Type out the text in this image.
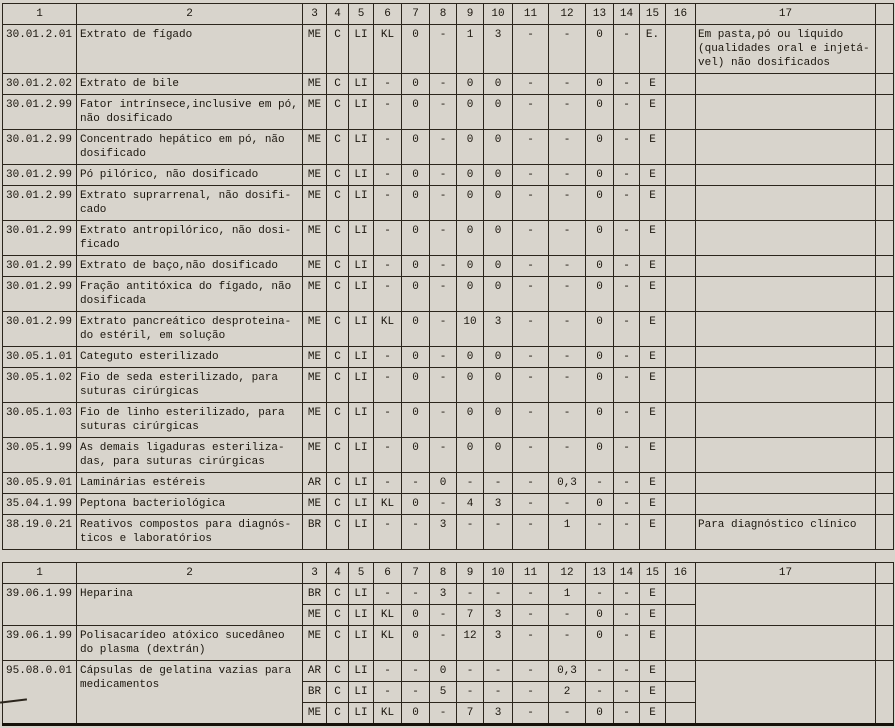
1	2	3	4	5	6	7	8	9	10	11	12	13	14	15	16	17	
30.01.2.01	Extrato de fígado	ME	C	LI	KL	0	-	1	3	-	-	0	-	E.		Em pasta,pó ou líquido (qualidades oral e injetá-vel) não dosificados	
30.01.2.02	Extrato de bile	ME	C	LI	-	0	-	0	0	-	-	0	-	E			
30.01.2.99	Fator intrínsece,inclusive em pó, não dosificado	ME	C	LI	-	0	-	0	0	-	-	0	-	E			
30.01.2.99	Concentrado hepático em pó, não dosificado	ME	C	LI	-	0	-	0	0	-	-	0	-	E			
30.01.2.99	Pó pilórico, não dosificado	ME	C	LI	-	0	-	0	0	-	-	0	-	E			
30.01.2.99	Extrato suprarrenal, não dosifi-cado	ME	C	LI	-	0	-	0	0	-	-	0	-	E			
30.01.2.99	Extrato antropilórico, não dosi-ficado	ME	C	LI	-	0	-	0	0	-	-	0	-	E			
30.01.2.99	Extrato de baço,não dosificado	ME	C	LI	-	0	-	0	0	-	-	0	-	E			
30.01.2.99	Fração antitóxica do fígado, não dosificada	ME	C	LI	-	0	-	0	0	-	-	0	-	E			
30.01.2.99	Extrato pancreático desproteina-do estéril, em solução	ME	C	LI	KL	0	-	10	3	-	-	0	-	E			
30.05.1.01	Categuto esterilizado	ME	C	LI	-	0	-	0	0	-	-	0	-	E			
30.05.1.02	Fio de seda esterilizado, para suturas cirúrgicas	ME	C	LI	-	0	-	0	0	-	-	0	-	E			
30.05.1.03	Fio de linho esterilizado, para suturas cirúrgicas	ME	C	LI	-	0	-	0	0	-	-	0	-	E			
30.05.1.99	As demais ligaduras esteriliza-das, para suturas cirúrgicas	ME	C	LI	-	0	-	0	0	-	-	0	-	E			
30.05.9.01	Laminárias estéreis	AR	C	LI	-	-	0	-	-	-	0,3	-	-	E			
35.04.1.99	Peptona bacteriológica	ME	C	LI	KL	0	-	4	3	-	-	0	-	E			
38.19.0.21	Reativos compostos para diagnós-ticos e laboratórios	BR	C	LI	-	-	3	-	-	-	1	-	-	E		Para diagnóstico clínico	
1	2	3	4	5	6	7	8	9	10	11	12	13	14	15	16	17	
39.06.1.99	Heparina	BR	C	LI	-	-	3	-	-	-	1	-	-	E			
		ME	C	LI	KL	0	-	7	3	-	-	0	-	E			
39.06.1.99	Polisacarídeo atóxico sucedâneo do plasma (dextrán)	ME	C	LI	KL	0	-	12	3	-	-	0	-	E			
95.08.0.01	Cápsulas de gelatina vazias para medicamentos	AR	C	LI	-	-	0	-	-	-	0,3	-	-	E			
		BR	C	LI	-	-	5	-	-	-	2	-	-	E			
		ME	C	LI	KL	0	-	7	3	-	-	0	-	E			
